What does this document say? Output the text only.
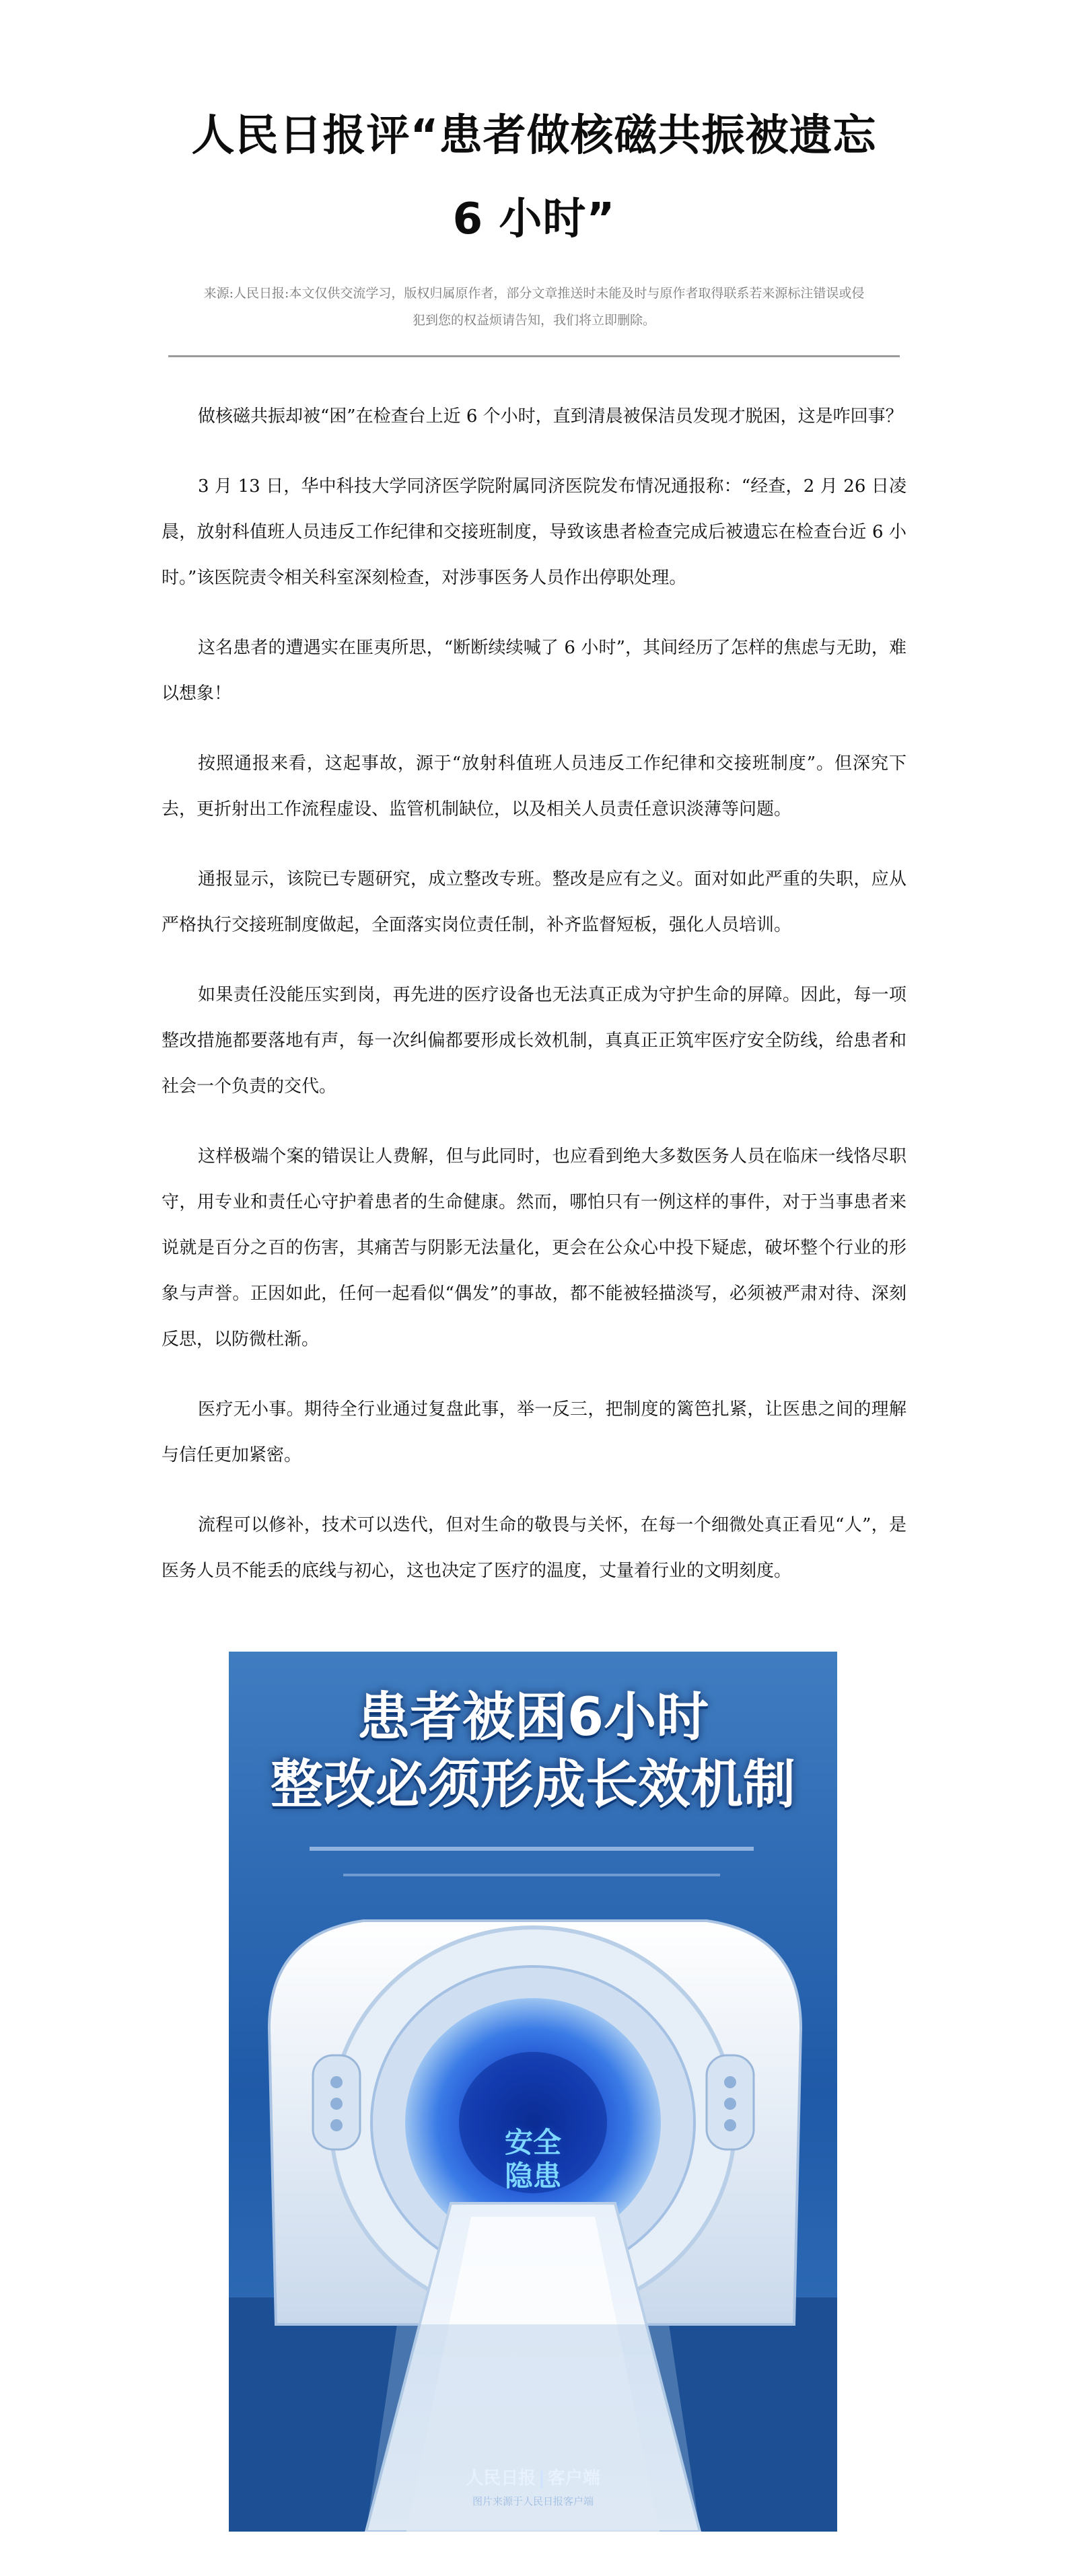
人民日报评“患者做核磁共振被遗忘
6 小时”
来源:人民日报:本文仅供交流学习，版权归属原作者，部分文章推送时未能及时与原作者取得联系若来源标注错误或侵
犯到您的权益烦请告知，我们将立即删除。

做核磁共振却被“困”在检查台上近 6 个小时，直到清晨被保洁员发现才脱困，这是咋回事？

3 月 13 日，华中科技大学同济医学院附属同济医院发布情况通报称：“经查，2 月 26 日凌晨，放射科值班人员违反工作纪律和交接班制度，导致该患者检查完成后被遗忘在检查台近 6 小时。”该医院责令相关科室深刻检查，对涉事医务人员作出停职处理。

这名患者的遭遇实在匪夷所思，“断断续续喊了 6 小时”，其间经历了怎样的焦虑与无助，难以想象！

按照通报来看，这起事故，源于“放射科值班人员违反工作纪律和交接班制度”。但深究下去，更折射出工作流程虚设、监管机制缺位，以及相关人员责任意识淡薄等问题。

通报显示，该院已专题研究，成立整改专班。整改是应有之义。面对如此严重的失职，应从严格执行交接班制度做起，全面落实岗位责任制，补齐监督短板，强化人员培训。

如果责任没能压实到岗，再先进的医疗设备也无法真正成为守护生命的屏障。因此，每一项整改措施都要落地有声，每一次纠偏都要形成长效机制，真真正正筑牢医疗安全防线，给患者和社会一个负责的交代。

这样极端个案的错误让人费解，但与此同时，也应看到绝大多数医务人员在临床一线恪尽职守，用专业和责任心守护着患者的生命健康。然而，哪怕只有一例这样的事件，对于当事患者来说就是百分之百的伤害，其痛苦与阴影无法量化，更会在公众心中投下疑虑，破坏整个行业的形象与声誉。正因如此，任何一起看似“偶发”的事故，都不能被轻描淡写，必须被严肃对待、深刻反思，以防微杜渐。

医疗无小事。期待全行业通过复盘此事，举一反三，把制度的篱笆扎紧，让医患之间的理解与信任更加紧密。

流程可以修补，技术可以迭代，但对生命的敬畏与关怀，在每一个细微处真正看见“人”，是医务人员不能丢的底线与初心，这也决定了医疗的温度，丈量着行业的文明刻度。

患者被困6小时
整改必须形成长效机制
安全
隐患
人民日报 | 客户端
图片来源于人民日报客户端
